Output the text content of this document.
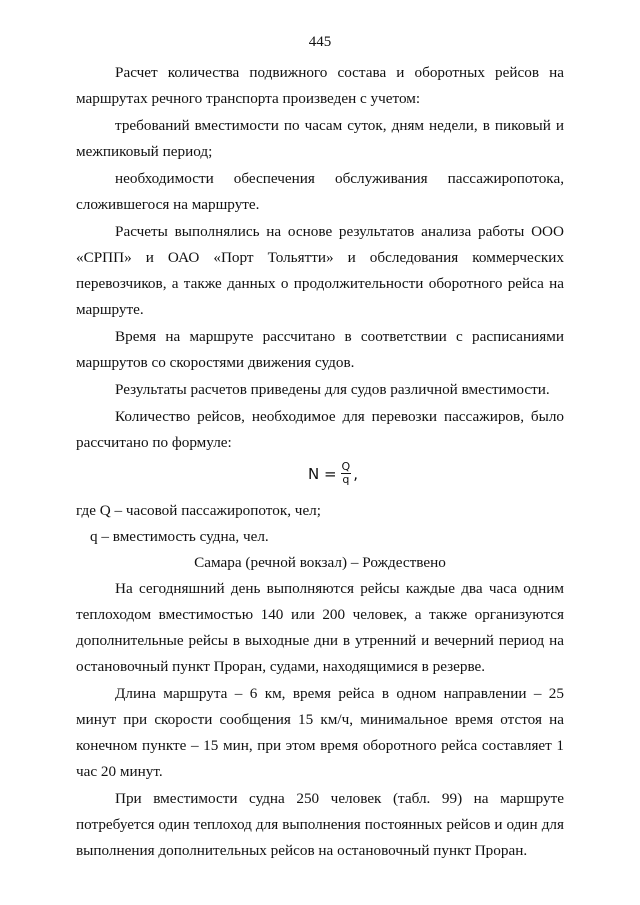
445

Расчет количества подвижного состава и оборотных рейсов на маршрутах речного транспорта произведен с учетом:

требований вместимости по часам суток, дням недели, в пиковый и межпиковый период;

необходимости обеспечения обслуживания пассажиропотока, сложившегося на маршруте.

Расчеты выполнялись на основе результатов анализа работы ООО «СРПП» и ОАО «Порт Тольятти» и обследования коммерческих перевозчиков, а также данных о продолжительности оборотного рейса на маршруте.

Время на маршруте рассчитано в соответствии с расписаниями маршрутов со скоростями движения судов.

Результаты расчетов приведены для судов различной вместимости.

Количество рейсов, необходимое для перевозки пассажиров, было рассчитано по формуле:

$N = \frac{Q}{q}$ ,

где Q – часовой пассажиропоток, чел;

q – вместимость судна, чел.

Самара (речной вокзал) – Рождествено

На сегодняшний день выполняются рейсы каждые два часа одним теплоходом вместимостью 140 или 200 человек, а также организуются дополнительные рейсы в выходные дни в утренний и вечерний период на остановочный пункт Проран, судами, находящимися в резерве.

Длина маршрута – 6 км, время рейса в одном направлении – 25 минут при скорости сообщения 15 км/ч, минимальное время отстоя на конечном пункте – 15 мин, при этом время оборотного рейса составляет 1 час 20 минут.

При вместимости судна 250 человек (табл. 99) на маршруте потребуется один теплоход для выполнения постоянных рейсов и один для выполнения дополнительных рейсов на остановочный пункт Проран.
